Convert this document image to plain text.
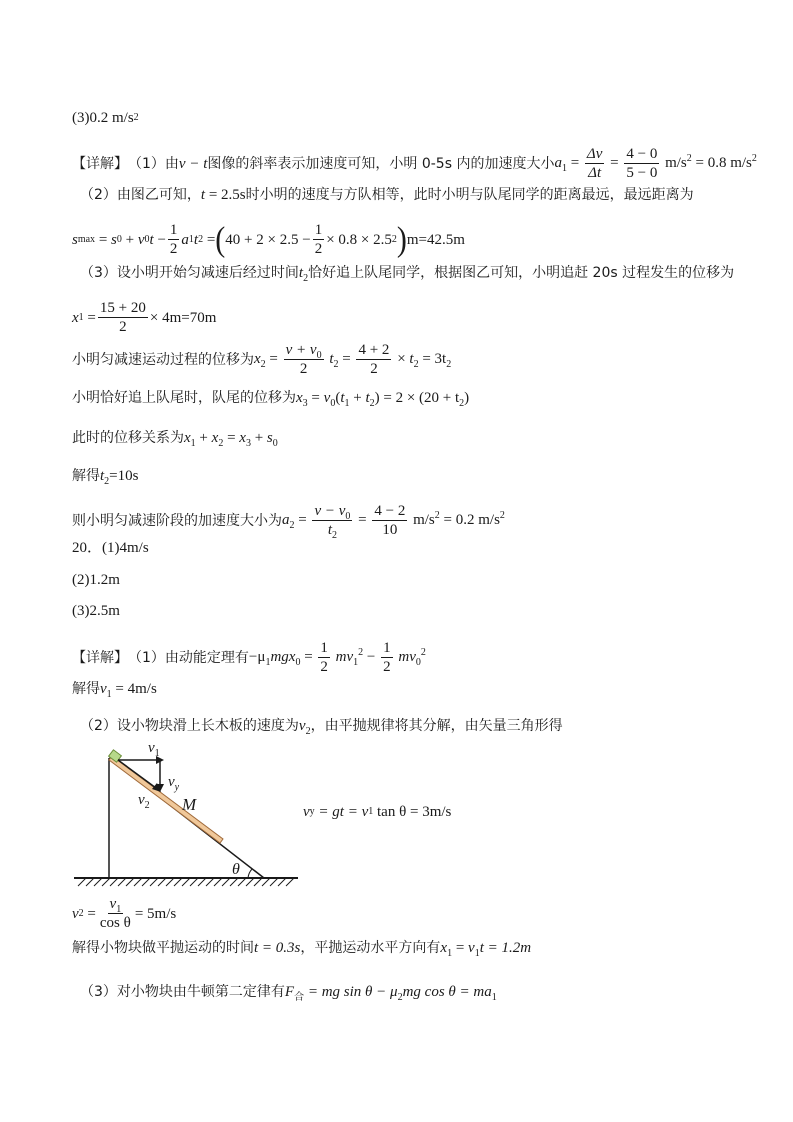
(3)0.2 m/s 2
【详解】 （1） 由 v − t 图像的斜率表示加速度可知，小明 0 - 5s 内的加速度大小 $a_1 = \frac{\Delta v}{\Delta t} = \frac{4 - 0}{5 - 0} m/s^2 = 0.8$ $m/s^2$
（2）由图乙可知， t = 2.5s 时小明的速度与方队相等，此时小明与队尾同学的距离最远，最远距离为
s max = s 0 + v 0 $t - \frac{1}{2}$ a 1 t 2 = ( $40 + 2 \times 2.5 - \frac{1}{2} \times 0.8 \times 2.5$ 2 ) m=42.5m
（3）设小明开始匀减速后经过时间 $t_2$ 恰好追上队尾同学，根据图乙可知，小明追赶 20s 过程发生的位移为
x $1 = \frac{15 + 20}{2} \times 4m=70m$
小明匀减速运动过程的位移为 $x_2 = \frac{v + v_0}{2} t_2 = \frac{4 + 2}{2} \times t_2 = 3t_2$
小明恰好追上队尾时，队尾的位移为 $x_3 = v_0(t_1 + t_2) = 2 \times (20 + t_2)$
此时的位移关系为 $x_1 + x_2 = x_3 + s_0$
解得 $t_2=10s$
则小明匀减速阶段的加速度大小为 $a_2 = \frac{v - v_0}{t_2} = \frac{4 - 2}{10} m/s^2 = 0.2$ $m/s^2$
20．(1)4m/s
(2)1.2m
(3)2.5m
【详解】 （1）由动能定理有 $-\mu_1mgx_0 = \frac{1}{2} mv_1^2 - \frac{1}{2} mv_0^2$
解得 $v_1 = 4m/s$
（2）设小物块滑上长木板的速度为 $v_2$ ，由平抛规律将其分解，由矢量三角形得
$v_1$
$v_y$
$v_2$ M
θ
v y
= gt = v 1
tan θ = 3m/s
v $2 = \frac{v_1}{\text{cos θ}} = 5m/s$
解得小物块做平抛运动的时间 t = 0.3s ，平抛运动水平方向有 $x_1 = v_1t = 1.2m$
（3）对小物块由牛顿第二定律有 $F_合$ = mg $\sin \theta - \mu_2mg$ $\cos \theta = ma_1$
